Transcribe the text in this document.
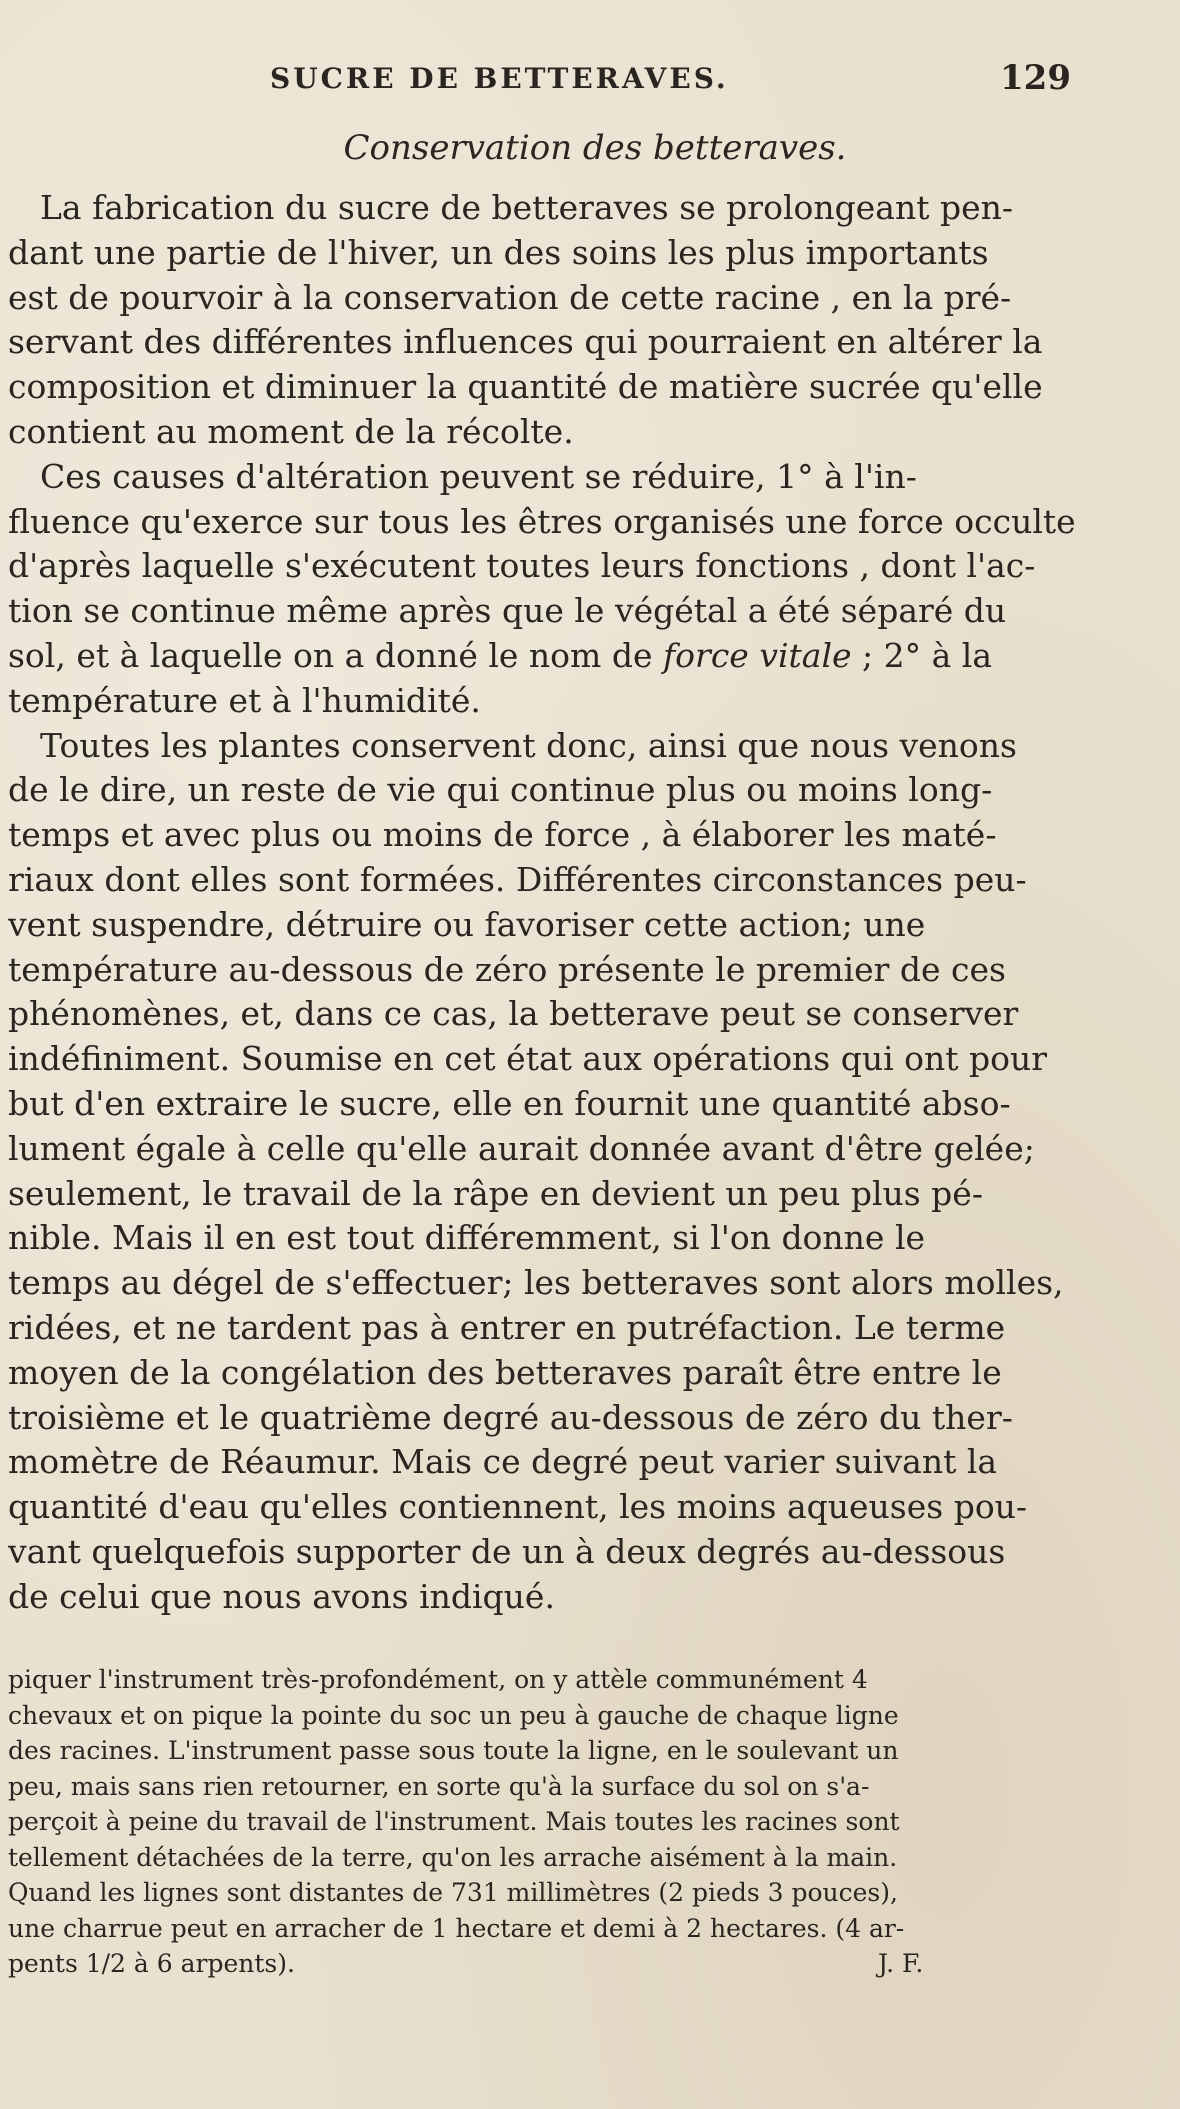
SUCRE DE BETTERAVES.	129
Conservation des betteraves.
La fabrication du sucre de betteraves se prolongeant pen-
dant une partie de l'hiver, un des soins les plus importants
est de pourvoir à la conservation de cette racine , en la pré-
servant des différentes influences qui pourraient en altérer la
composition et diminuer la quantité de matière sucrée qu'elle
contient au moment de la récolte.
Ces causes d'altération peuvent se réduire, 1° à l'in-
fluence qu'exerce sur tous les êtres organisés une force occulte
d'après laquelle s'exécutent toutes leurs fonctions , dont l'ac-
tion se continue même après que le végétal a été séparé du
sol, et à laquelle on a donné le nom de force vitale ; 2° à la
température et à l'humidité.
Toutes les plantes conservent donc, ainsi que nous venons
de le dire, un reste de vie qui continue plus ou moins long-
temps et avec plus ou moins de force , à élaborer les maté-
riaux dont elles sont formées. Différentes circonstances peu-
vent suspendre, détruire ou favoriser cette action; une
température au-dessous de zéro présente le premier de ces
phénomènes, et, dans ce cas, la betterave peut se conserver
indéfiniment. Soumise en cet état aux opérations qui ont pour
but d'en extraire le sucre, elle en fournit une quantité abso-
lument égale à celle qu'elle aurait donnée avant d'être gelée;
seulement, le travail de la râpe en devient un peu plus pé-
nible. Mais il en est tout différemment, si l'on donne le
temps au dégel de s'effectuer; les betteraves sont alors molles,
ridées, et ne tardent pas à entrer en putréfaction. Le terme
moyen de la congélation des betteraves paraît être entre le
troisième et le quatrième degré au-dessous de zéro du ther-
momètre de Réaumur. Mais ce degré peut varier suivant la
quantité d'eau qu'elles contiennent, les moins aqueuses pou-
vant quelquefois supporter de un à deux degrés au-dessous
de celui que nous avons indiqué.
piquer l'instrument très-profondément, on y attèle communément 4
chevaux et on pique la pointe du soc un peu à gauche de chaque ligne
des racines. L'instrument passe sous toute la ligne, en le soulevant un
peu, mais sans rien retourner, en sorte qu'à la surface du sol on s'a-
perçoit à peine du travail de l'instrument. Mais toutes les racines sont
tellement détachées de la terre, qu'on les arrache aisément à la main.
Quand les lignes sont distantes de 731 millimètres (2 pieds 3 pouces),
une charrue peut en arracher de 1 hectare et demi à 2 hectares. (4 ar-
pents 1/2 à 6 arpents).	J. F.
